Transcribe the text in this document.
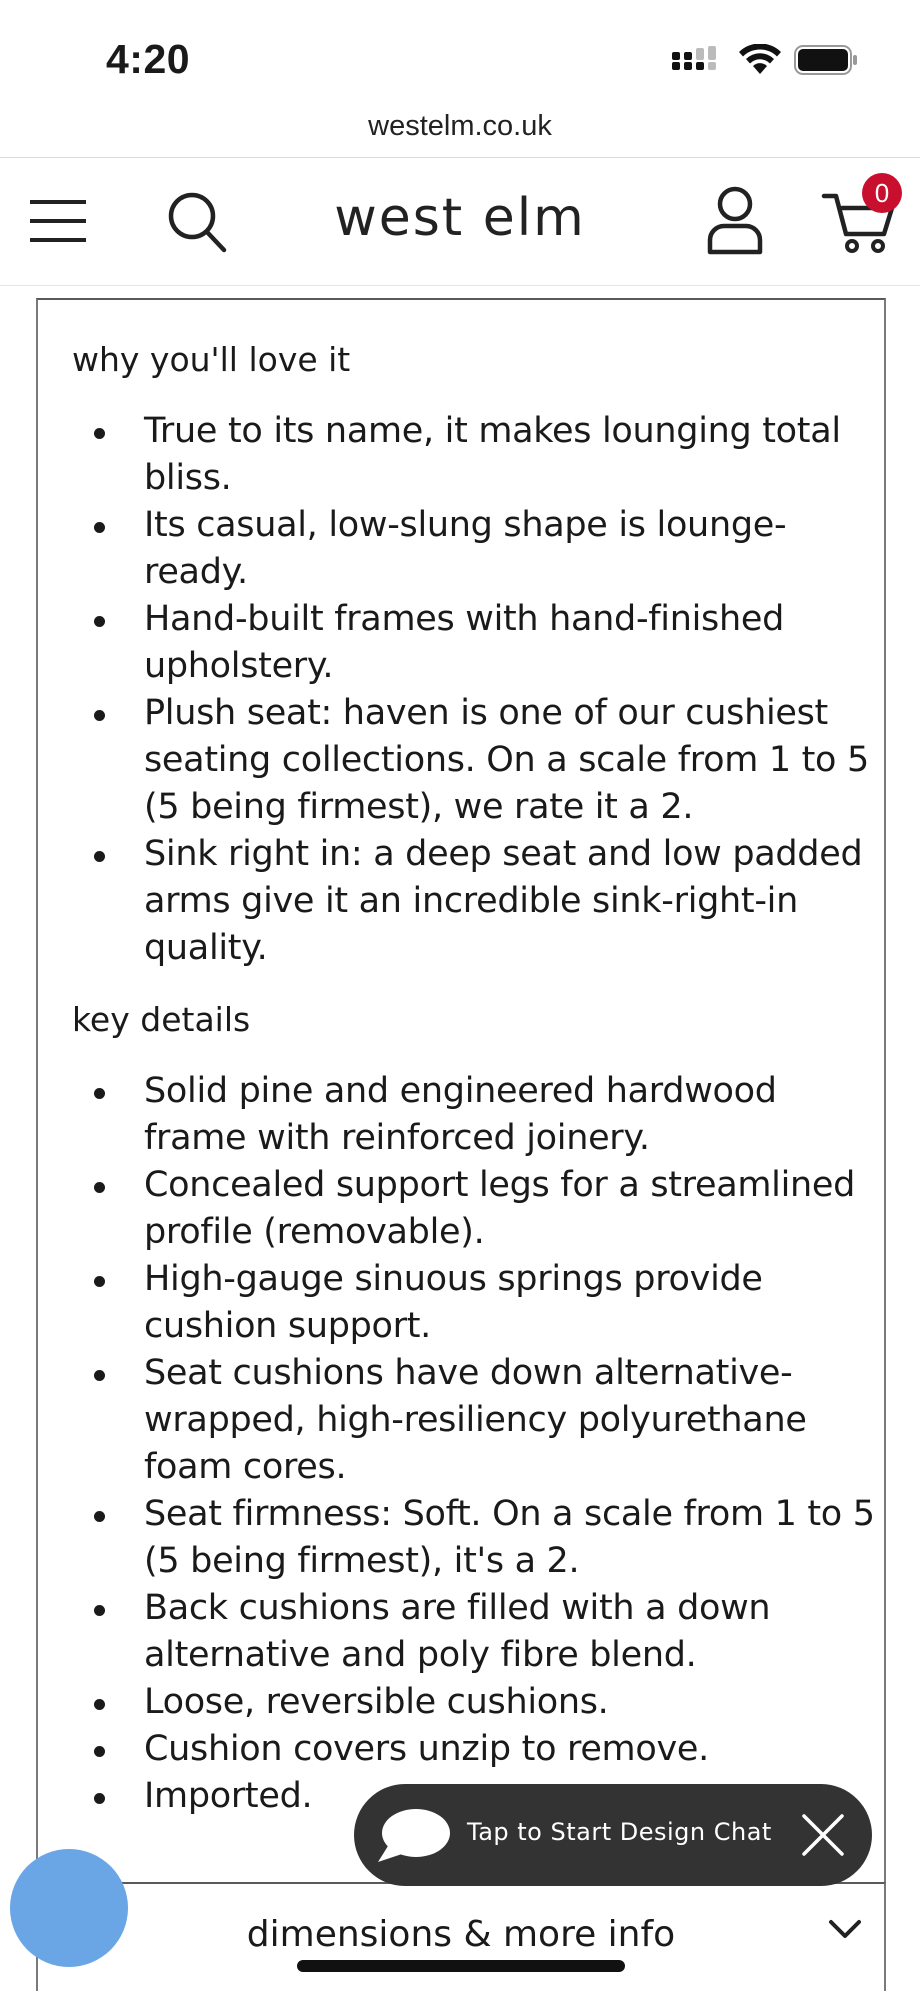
4:20
westelm.co.uk
west elm	0
why you'll love it
True to its name, it makes lounging total bliss.
Its casual, low-slung shape is lounge-ready.
Hand-built frames with hand-finished upholstery.
Plush seat: haven is one of our cushiest seating collections. On a scale from 1 to 5 (5 being firmest), we rate it a 2.
Sink right in: a deep seat and low padded arms give it an incredible sink-right-in quality.
key details
Solid pine and engineered hardwood frame with reinforced joinery.
Concealed support legs for a streamlined profile (removable).
High-gauge sinuous springs provide cushion support.
Seat cushions have down alternative-wrapped, high-resiliency polyurethane foam cores.
Seat firmness: Soft. On a scale from 1 to 5 (5 being firmest), it's a 2.
Back cushions are filled with a down alternative and poly fibre blend.
Loose, reversible cushions.
Cushion covers unzip to remove.
Imported.
dimensions & more info
Tap to Start Design Chat
